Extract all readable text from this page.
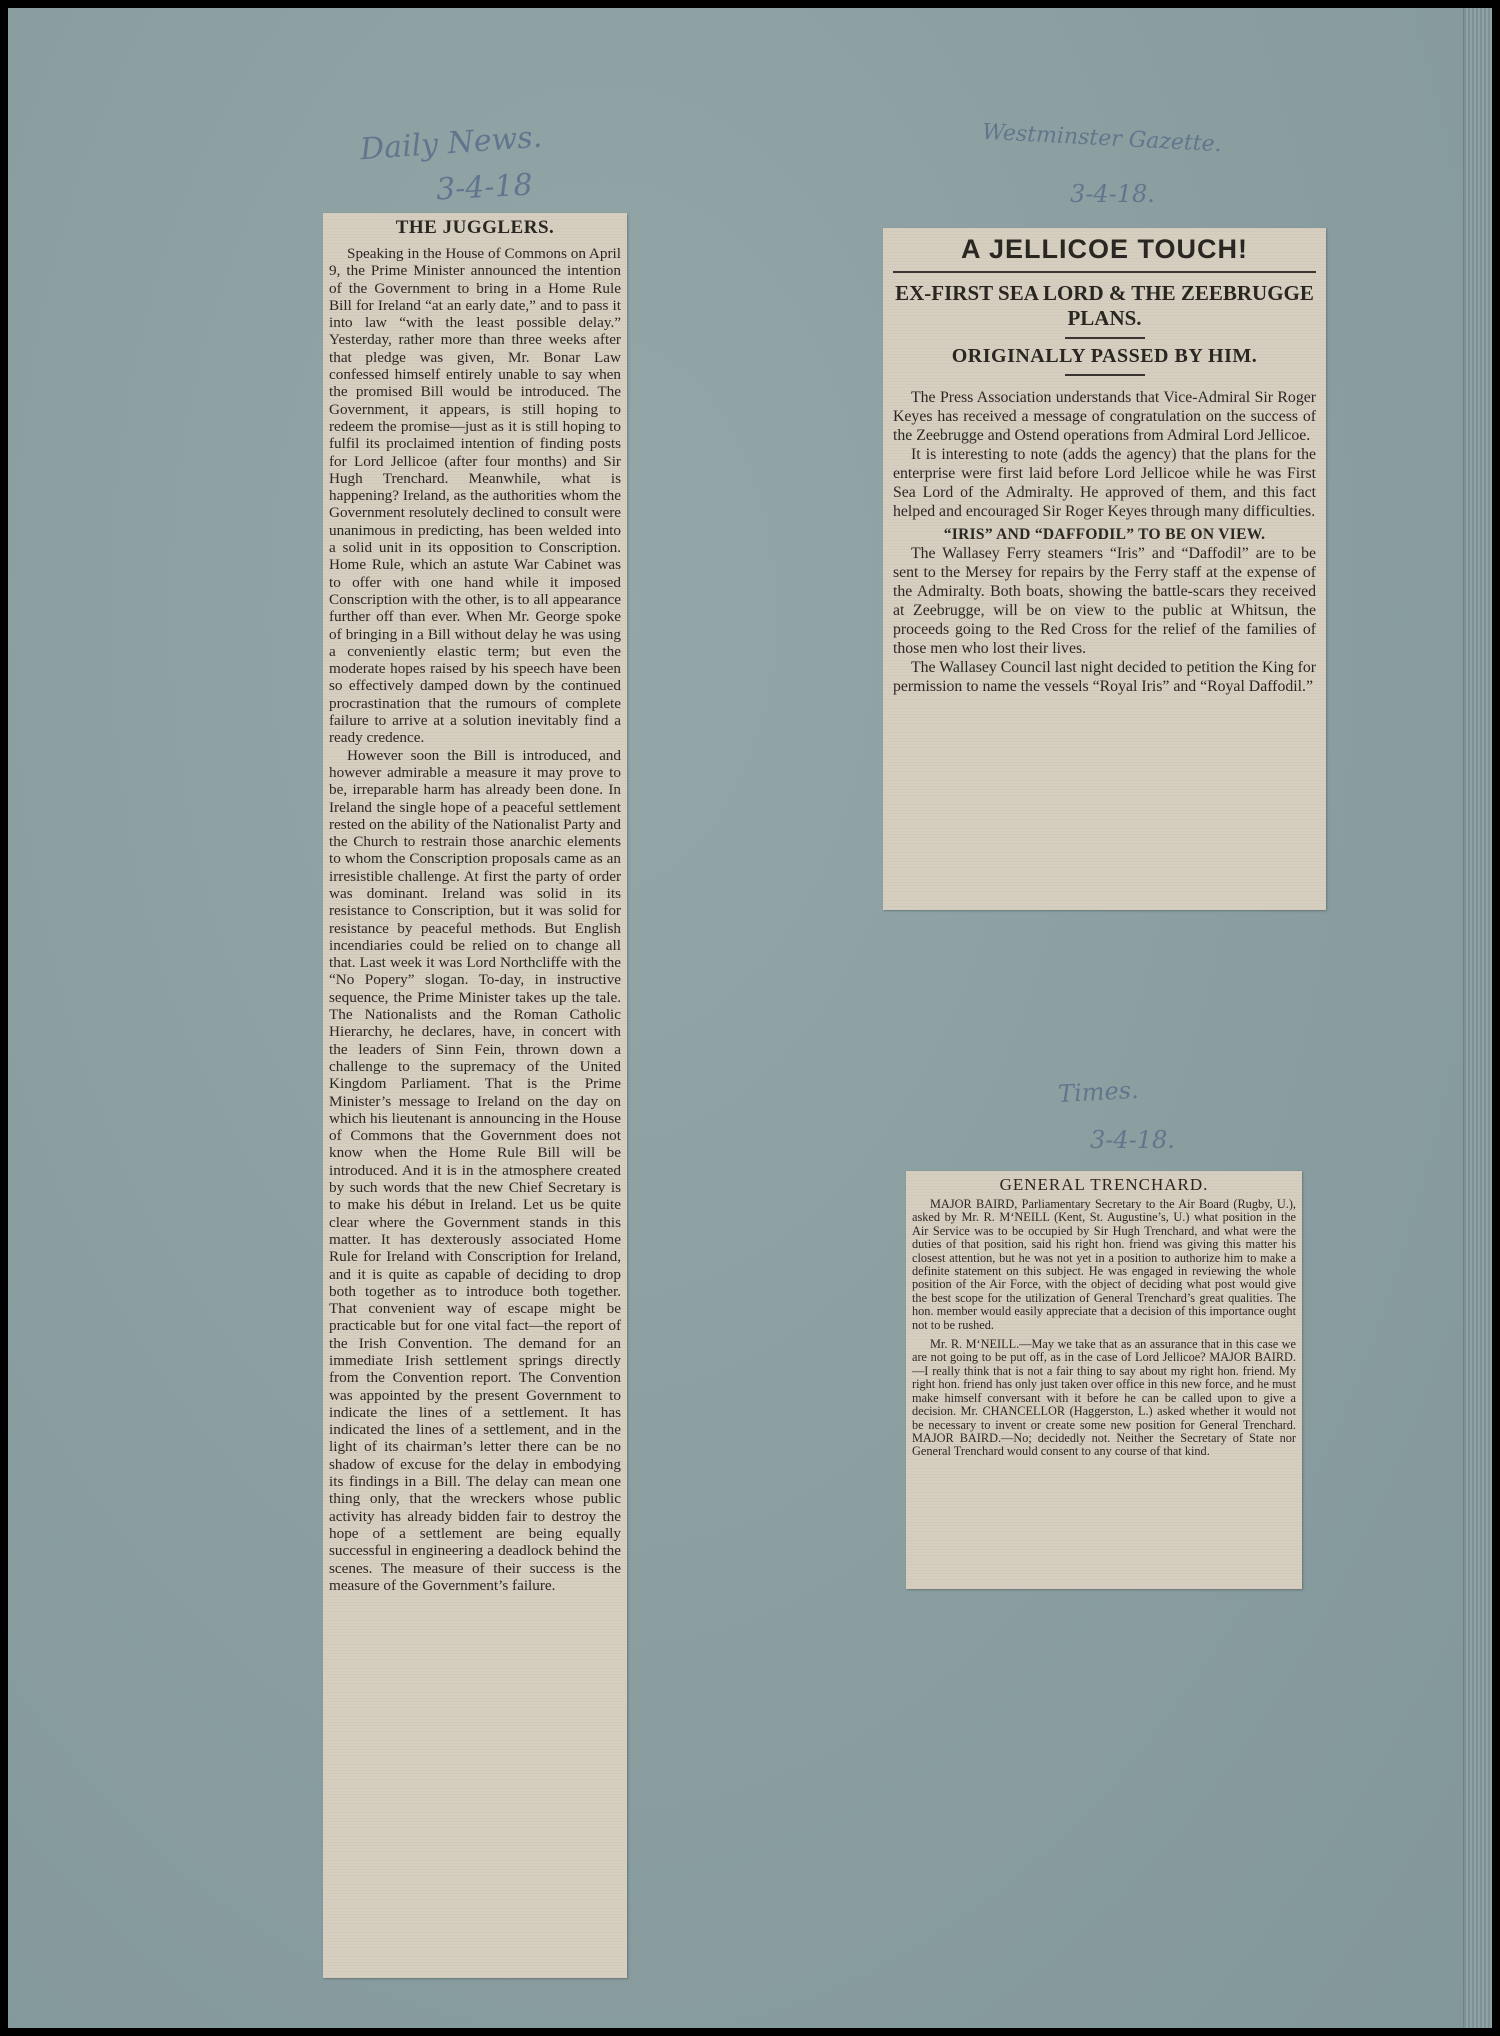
Daily News.
3-4-18
Westminster Gazette.
3-4-18.
Times.
3-4-18.
THE JUGGLERS.

Speaking in the House of Commons on April 9, the Prime Minister announced the intention of the Government to bring in a Home Rule Bill for Ireland “at an early date,” and to pass it into law “with the least possible delay.” Yesterday, rather more than three weeks after that pledge was given, Mr. Bonar Law confessed himself entirely unable to say when the promised Bill would be introduced. The Government, it appears, is still hoping to redeem the promise—just as it is still hoping to fulfil its proclaimed intention of finding posts for Lord Jellicoe (after four months) and Sir Hugh Trenchard. Meanwhile, what is happening? Ireland, as the authorities whom the Government resolutely declined to consult were unanimous in predicting, has been welded into a solid unit in its opposition to Conscription. Home Rule, which an astute War Cabinet was to offer with one hand while it imposed Conscription with the other, is to all appearance further off than ever. When Mr. George spoke of bringing in a Bill without delay he was using a conveniently elastic term; but even the moderate hopes raised by his speech have been so effectively damped down by the continued procrastination that the rumours of complete failure to arrive at a solution inevitably find a ready credence.

However soon the Bill is introduced, and however admirable a measure it may prove to be, irreparable harm has already been done. In Ireland the single hope of a peaceful settlement rested on the ability of the Nationalist Party and the Church to restrain those anarchic elements to whom the Conscription proposals came as an irresistible challenge. At first the party of order was dominant. Ireland was solid in its resistance to Conscription, but it was solid for resistance by peaceful methods. But English incendiaries could be relied on to change all that. Last week it was Lord Northcliffe with the “No Popery” slogan. To-day, in instructive sequence, the Prime Minister takes up the tale. The Nationalists and the Roman Catholic Hierarchy, he declares, have, in concert with the leaders of Sinn Fein, thrown down a challenge to the supremacy of the United Kingdom Parliament. That is the Prime Minister’s message to Ireland on the day on which his lieutenant is announcing in the House of Commons that the Government does not know when the Home Rule Bill will be introduced. And it is in the atmosphere created by such words that the new Chief Secretary is to make his début in Ireland. Let us be quite clear where the Government stands in this matter. It has dexterously associated Home Rule for Ireland with Conscription for Ireland, and it is quite as capable of deciding to drop both together as to introduce both together. That convenient way of escape might be practicable but for one vital fact—the report of the Irish Convention. The demand for an immediate Irish settlement springs directly from the Convention report. The Convention was appointed by the present Government to indicate the lines of a settlement. It has indicated the lines of a settlement, and in the light of its chairman’s letter there can be no shadow of excuse for the delay in embodying its findings in a Bill. The delay can mean one thing only, that the wreckers whose public activity has already bidden fair to destroy the hope of a settlement are being equally successful in engineering a deadlock behind the scenes. The measure of their success is the measure of the Government’s failure.

A JELLICOE TOUCH!
EX-FIRST SEA LORD & THE ZEEBRUGGE PLANS.
ORIGINALLY PASSED BY HIM.

The Press Association understands that Vice-Admiral Sir Roger Keyes has received a message of congratulation on the success of the Zeebrugge and Ostend operations from Admiral Lord Jellicoe.

It is interesting to note (adds the agency) that the plans for the enterprise were first laid before Lord Jellicoe while he was First Sea Lord of the Admiralty. He approved of them, and this fact helped and encouraged Sir Roger Keyes through many difficulties.

“IRIS” AND “DAFFODIL” TO BE ON VIEW.

The Wallasey Ferry steamers “Iris” and “Daffodil” are to be sent to the Mersey for repairs by the Ferry staff at the expense of the Admiralty. Both boats, showing the battle-scars they received at Zeebrugge, will be on view to the public at Whitsun, the proceeds going to the Red Cross for the relief of the families of those men who lost their lives.

The Wallasey Council last night decided to petition the King for permission to name the vessels “Royal Iris” and “Royal Daffodil.”

GENERAL TRENCHARD.

MAJOR BAIRD, Parliamentary Secretary to the Air Board (Rugby, U.), asked by Mr. R. M‘NEILL (Kent, St. Augustine’s, U.) what position in the Air Service was to be occupied by Sir Hugh Trenchard, and what were the duties of that position, said his right hon. friend was giving this matter his closest attention, but he was not yet in a position to authorize him to make a definite statement on this subject. He was engaged in reviewing the whole position of the Air Force, with the object of deciding what post would give the best scope for the utilization of General Trenchard’s great qualities. The hon. member would easily appreciate that a decision of this importance ought not to be rushed.

Mr. R. M‘NEILL.—May we take that as an assurance that in this case we are not going to be put off, as in the case of Lord Jellicoe? MAJOR BAIRD.—I really think that is not a fair thing to say about my right hon. friend. My right hon. friend has only just taken over office in this new force, and he must make himself conversant with it before he can be called upon to give a decision. Mr. CHANCELLOR (Haggerston, L.) asked whether it would not be necessary to invent or create some new position for General Trenchard. MAJOR BAIRD.—No; decidedly not. Neither the Secretary of State nor General Trenchard would consent to any course of that kind.
